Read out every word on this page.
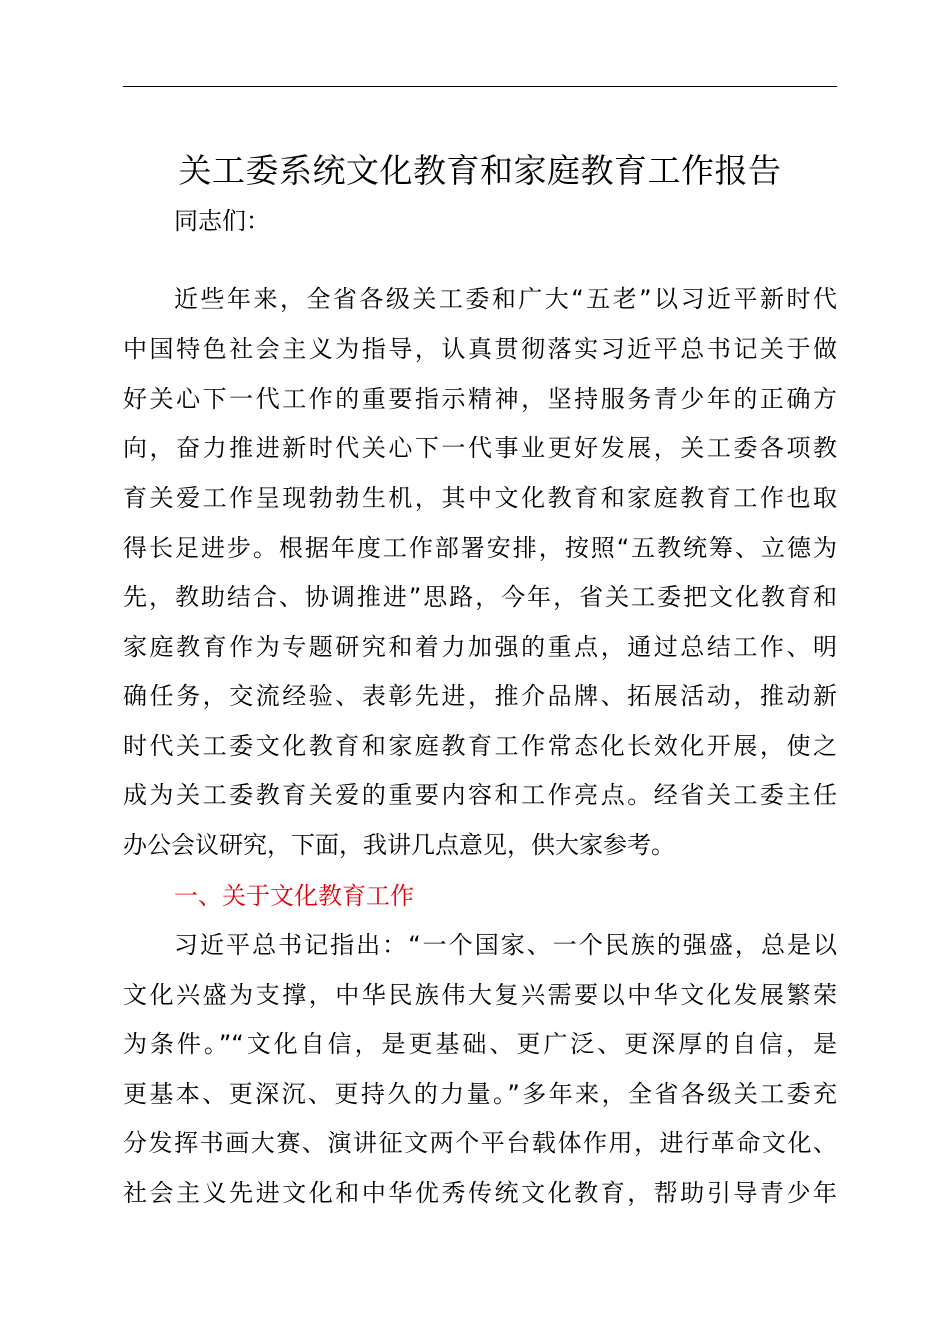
关工委系统文化教育和家庭教育工作报告
同志们：
近些年来，全省各级关工委和广大“五老”以习近平新时代
中国特色社会主义为指导，认真贯彻落实习近平总书记关于做
好关心下一代工作的重要指示精神，坚持服务青少年的正确方
向，奋力推进新时代关心下一代事业更好发展，关工委各项教
育关爱工作呈现勃勃生机，其中文化教育和家庭教育工作也取
得长足进步。根据年度工作部署安排，按照“五教统筹、立德为
先，教助结合、协调推进”思路，今年，省关工委把文化教育和
家庭教育作为专题研究和着力加强的重点，通过总结工作、明
确任务，交流经验、表彰先进，推介品牌、拓展活动，推动新
时代关工委文化教育和家庭教育工作常态化长效化开展，使之
成为关工委教育关爱的重要内容和工作亮点。经省关工委主任
办公会议研究，下面，我讲几点意见，供大家参考。
一、关于文化教育工作
习近平总书记指出：“一个国家、一个民族的强盛，总是以
文化兴盛为支撑，中华民族伟大复兴需要以中华文化发展繁荣
为条件。”“文化自信，是更基础、更广泛、更深厚的自信，是
更基本、更深沉、更持久的力量。”多年来，全省各级关工委充
分发挥书画大赛、演讲征文两个平台载体作用，进行革命文化、
社会主义先进文化和中华优秀传统文化教育，帮助引导青少年
